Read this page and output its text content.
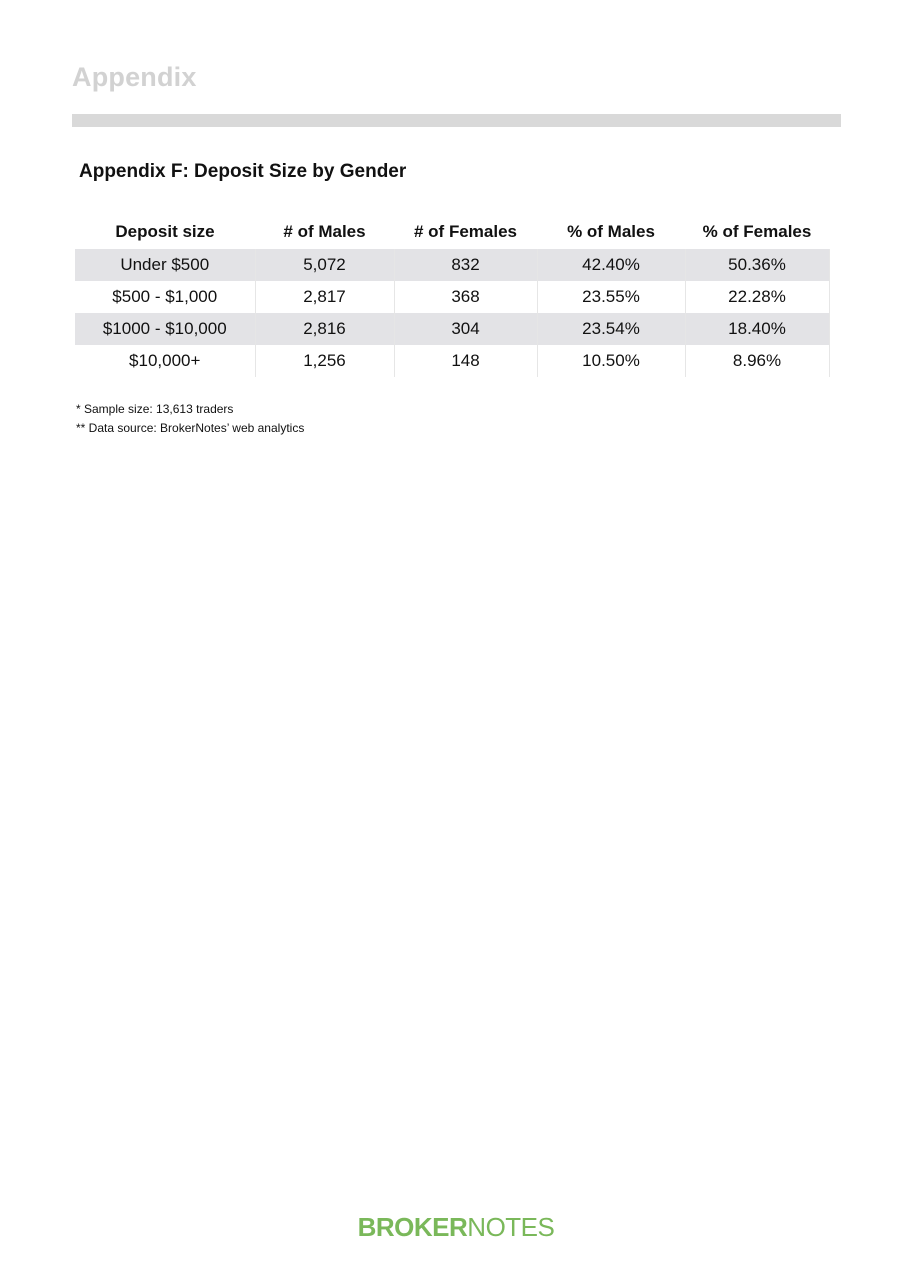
Appendix
Appendix F: Deposit Size by Gender
Deposit size	# of Males	# of Females	% of Males	% of Females
Under $500	5,072	832	42.40%	50.36%
$500 - $1,000	2,817	368	23.55%	22.28%
$1000 - $10,000	2,816	304	23.54%	18.40%
$10,000+	1,256	148	10.50%	8.96%
* Sample size: 13,613 traders
** Data source: BrokerNotes’ web analytics
BROKERNOTES
